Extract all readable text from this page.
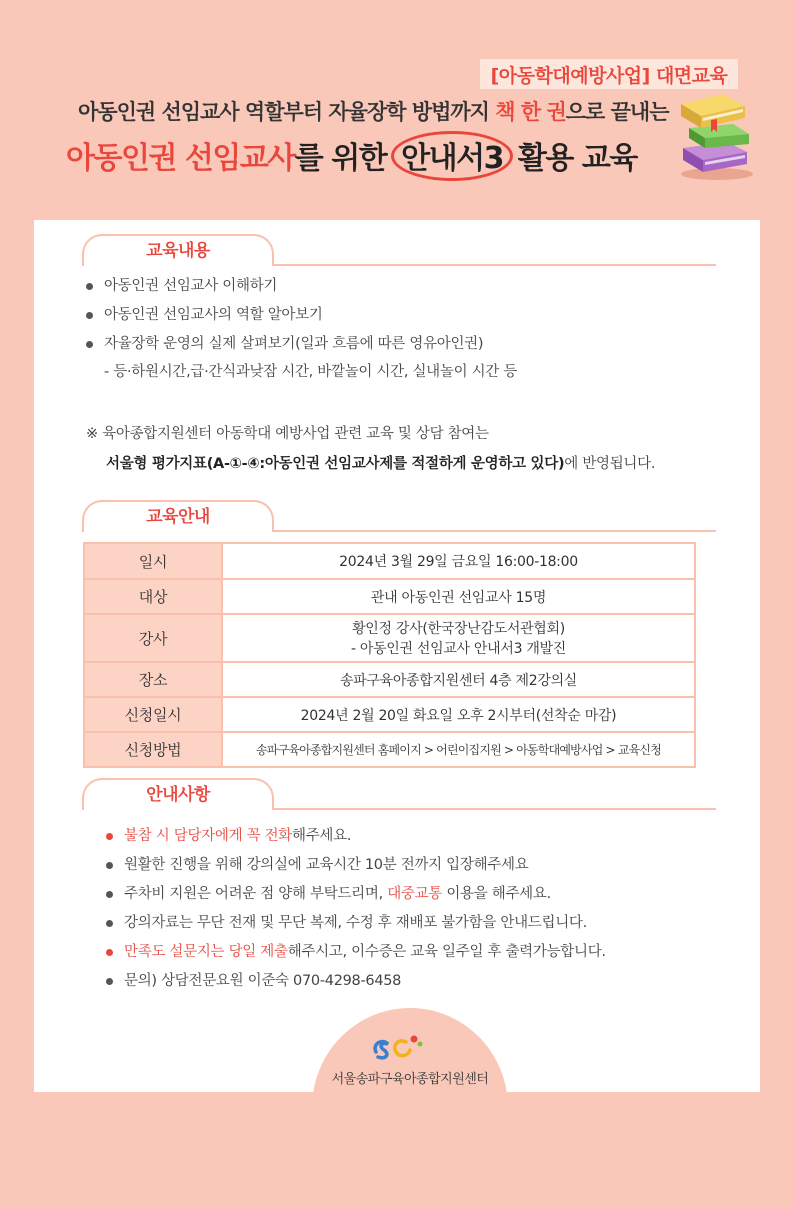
[아동학대예방사업] 대면교육
아동인권 선임교사 역할부터 자율장학 방법까지 책 한 권으로 끝내는
아동인권 선임교사를 위한
안내서3 활용 교육
교육내용
아동인권 선임교사 이해하기
아동인권 선임교사의 역할 알아보기
자율장학 운영의 실제 살펴보기(일과 흐름에 따른 영유아인권)
- 등·하원시간,급·간식과낮잠 시간, 바깥놀이 시간, 실내놀이 시간 등
※ 육아종합지원센터 아동학대 예방사업 관련 교육 및 상담 참여는
서울형 평가지표(A-①-④:아동인권 선임교사제를 적절하게 운영하고 있다)에 반영됩니다.
교육안내
일시	2024년 3월 29일 금요일 16:00-18:00
대상	관내 아동인권 선임교사 15명
강사	황인정 강사(한국장난감도서관협회)
- 아동인권 선임교사 안내서3 개발진

장소	송파구육아종합지원센터 4층 제2강의실
신청일시	2024년 2월 20일 화요일 오후 2시부터(선착순 마감)
신청방법	송파구육아종합지원센터 홈페이지 > 어린이집지원 > 아동학대예방사업 > 교육신청
안내사항
불참 시 담당자에게 꼭 전화해주세요.
원활한 진행을 위해 강의실에 교육시간 10분 전까지 입장해주세요
주차비 지원은 어려운 점 양해 부탁드리며, 대중교통 이용을 해주세요.
강의자료는 무단 전재 및 무단 복제, 수정 후 재배포 불가함을 안내드립니다.
만족도 설문지는 당일 제출해주시고, 이수증은 교육 일주일 후 출력가능합니다.
문의) 상담전문요원 이준숙 070-4298-6458
서울송파구육아종합지원센터
